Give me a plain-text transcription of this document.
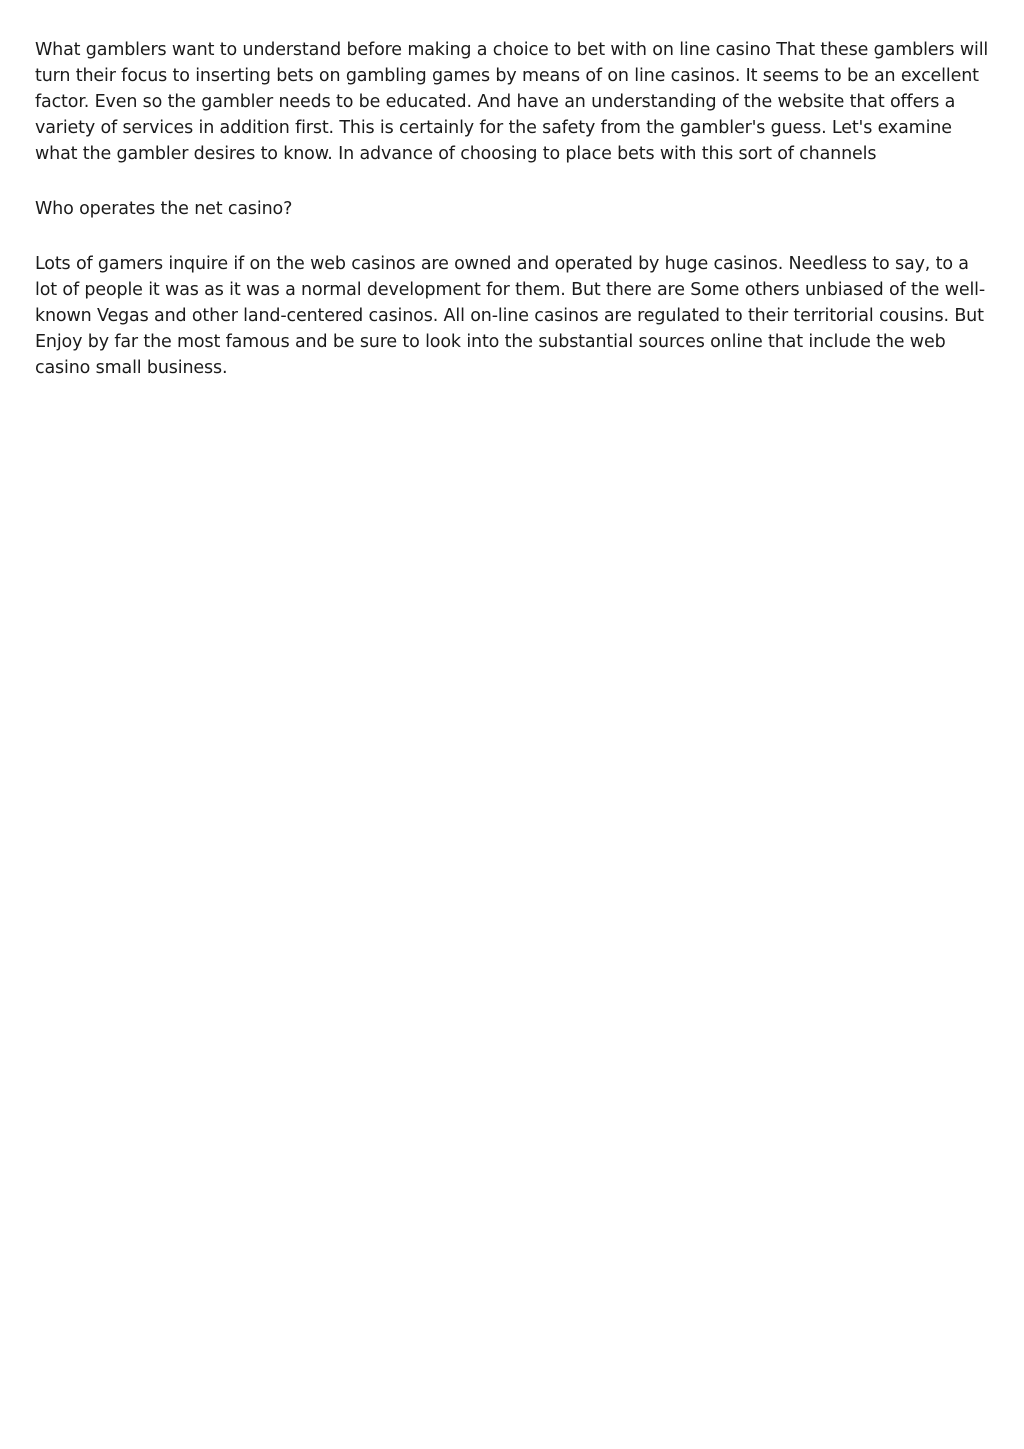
What gamblers want to understand before making a choice to bet with on line casino That these gamblers will turn their focus to inserting bets on gambling games by means of on line casinos. It seems to be an excellent factor. Even so the gambler needs to be educated. And have an understanding of the website that offers a variety of services in addition first. This is certainly for the safety from the gambler's guess. Let's examine what the gambler desires to know. In advance of choosing to place bets with this sort of channels

Who operates the net casino?

Lots of gamers inquire if on the web casinos are owned and operated by huge casinos. Needless to say, to a lot of people it was as it was a normal development for them. But there are Some others unbiased of the well-known Vegas and other land-centered casinos. All on-line casinos are regulated to their territorial cousins. But Enjoy by far the most famous and be sure to look into the substantial sources online that include the web casino small business.
